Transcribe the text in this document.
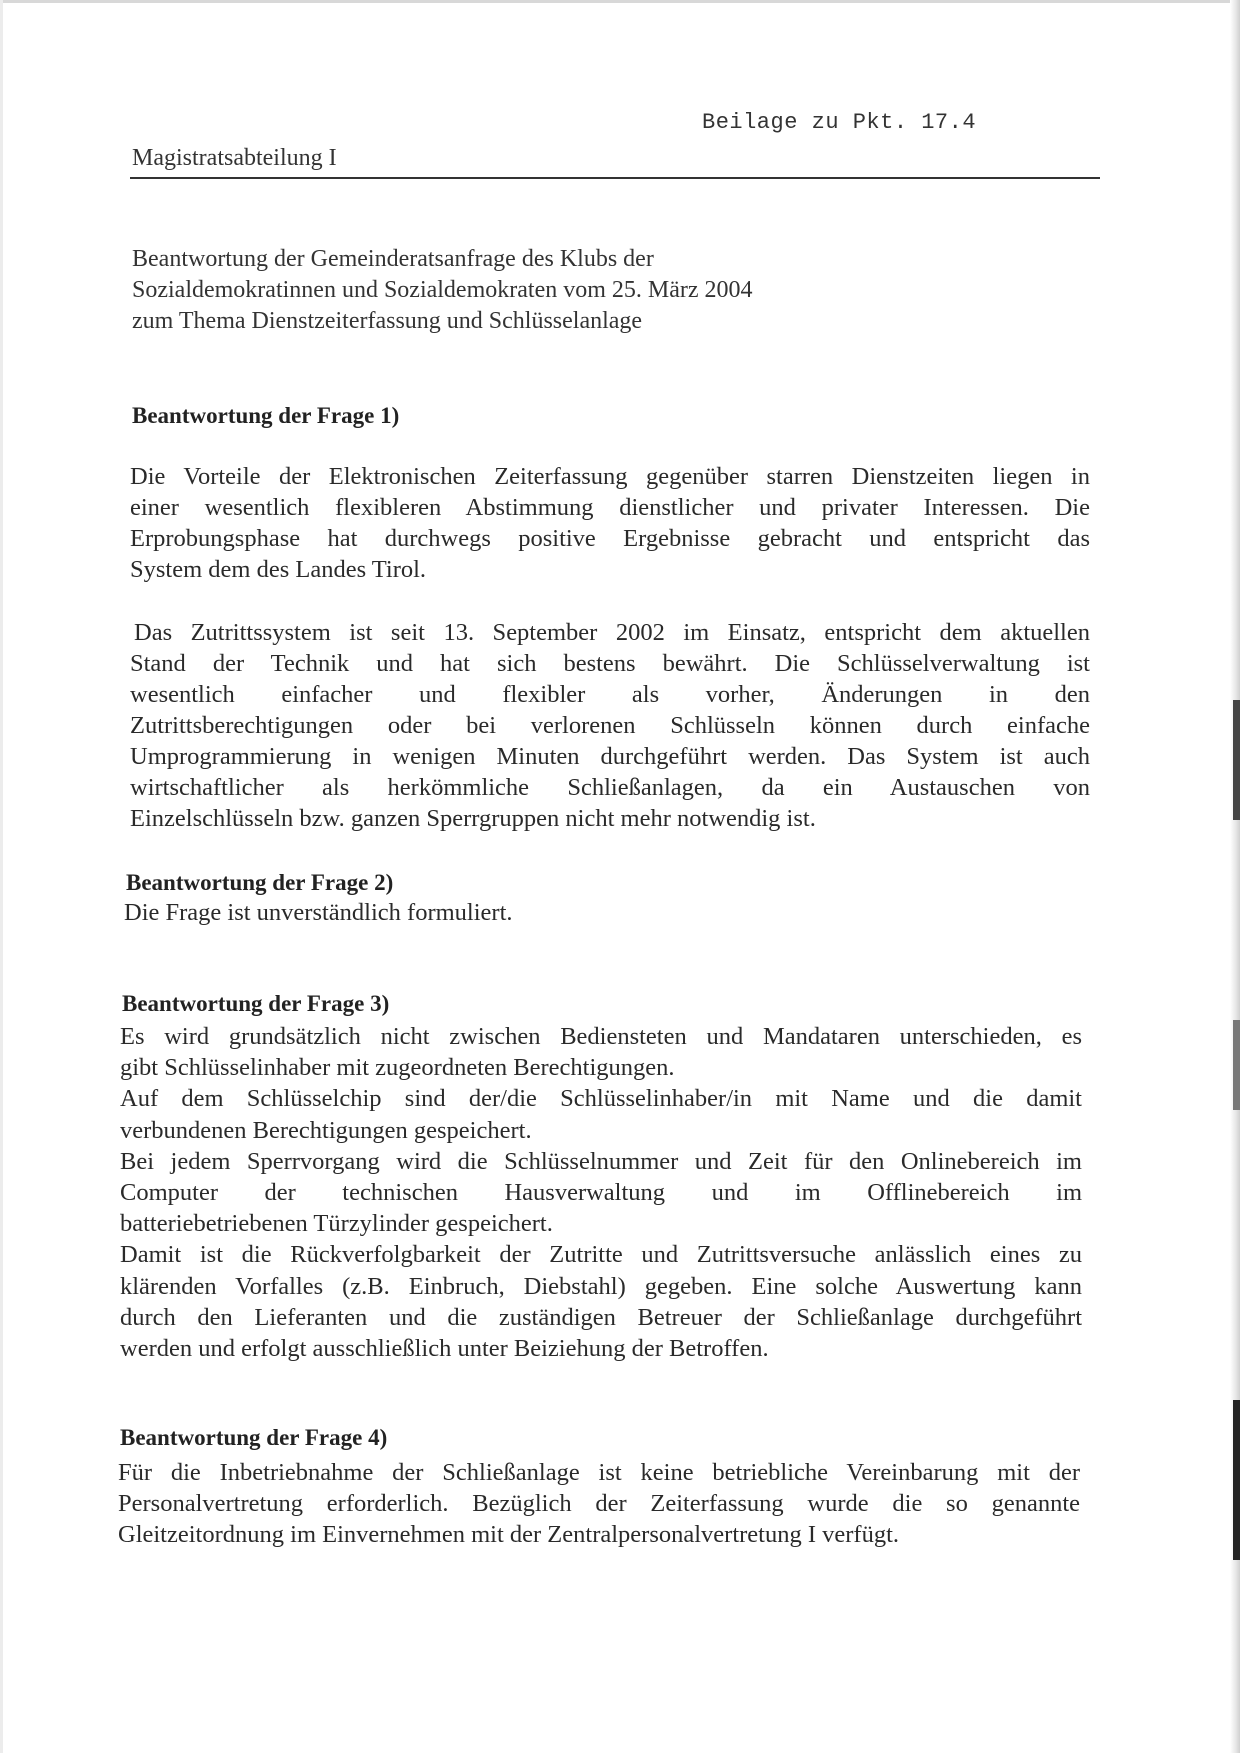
Beilage zu Pkt. 17.4
Magistratsabteilung I
Beantwortung der Gemeinderatsanfrage des Klubs der
Sozialdemokratinnen und Sozialdemokraten vom 25. März 2004
zum Thema Dienstzeiterfassung und Schlüsselanlage
Beantwortung der Frage 1)
Die Vorteile der Elektronischen Zeiterfassung gegenüber starren Dienstzeiten liegen in
einer wesentlich flexibleren Abstimmung dienstlicher und privater Interessen. Die
Erprobungsphase hat durchwegs positive Ergebnisse gebracht und entspricht das
System dem des Landes Tirol.
Das Zutrittssystem ist seit 13. September 2002 im Einsatz, entspricht dem aktuellen
Stand der Technik und hat sich bestens bewährt. Die Schlüsselverwaltung ist
wesentlich einfacher und flexibler als vorher, Änderungen in den
Zutrittsberechtigungen oder bei verlorenen Schlüsseln können durch einfache
Umprogrammierung in wenigen Minuten durchgeführt werden. Das System ist auch
wirtschaftlicher als herkömmliche Schließanlagen, da ein Austauschen von
Einzelschlüsseln bzw. ganzen Sperrgruppen nicht mehr notwendig ist.
Beantwortung der Frage 2)
Die Frage ist unverständlich formuliert.
Beantwortung der Frage 3)
Es wird grundsätzlich nicht zwischen Bediensteten und Mandataren unterschieden, es
gibt Schlüsselinhaber mit zugeordneten Berechtigungen.
Auf dem Schlüsselchip sind der/die Schlüsselinhaber/in mit Name und die damit
verbundenen Berechtigungen gespeichert.
Bei jedem Sperrvorgang wird die Schlüsselnummer und Zeit für den Onlinebereich im
Computer der technischen Hausverwaltung und im Offlinebereich im
batteriebetriebenen Türzylinder gespeichert.
Damit ist die Rückverfolgbarkeit der Zutritte und Zutrittsversuche anlässlich eines zu
klärenden Vorfalles (z.B. Einbruch, Diebstahl) gegeben. Eine solche Auswertung kann
durch den Lieferanten und die zuständigen Betreuer der Schließanlage durchgeführt
werden und erfolgt ausschließlich unter Beiziehung der Betroffen.
Beantwortung der Frage 4)
Für die Inbetriebnahme der Schließanlage ist keine betriebliche Vereinbarung mit der
Personalvertretung erforderlich. Bezüglich der Zeiterfassung wurde die so genannte
Gleitzeitordnung im Einvernehmen mit der Zentralpersonalvertretung I verfügt.
